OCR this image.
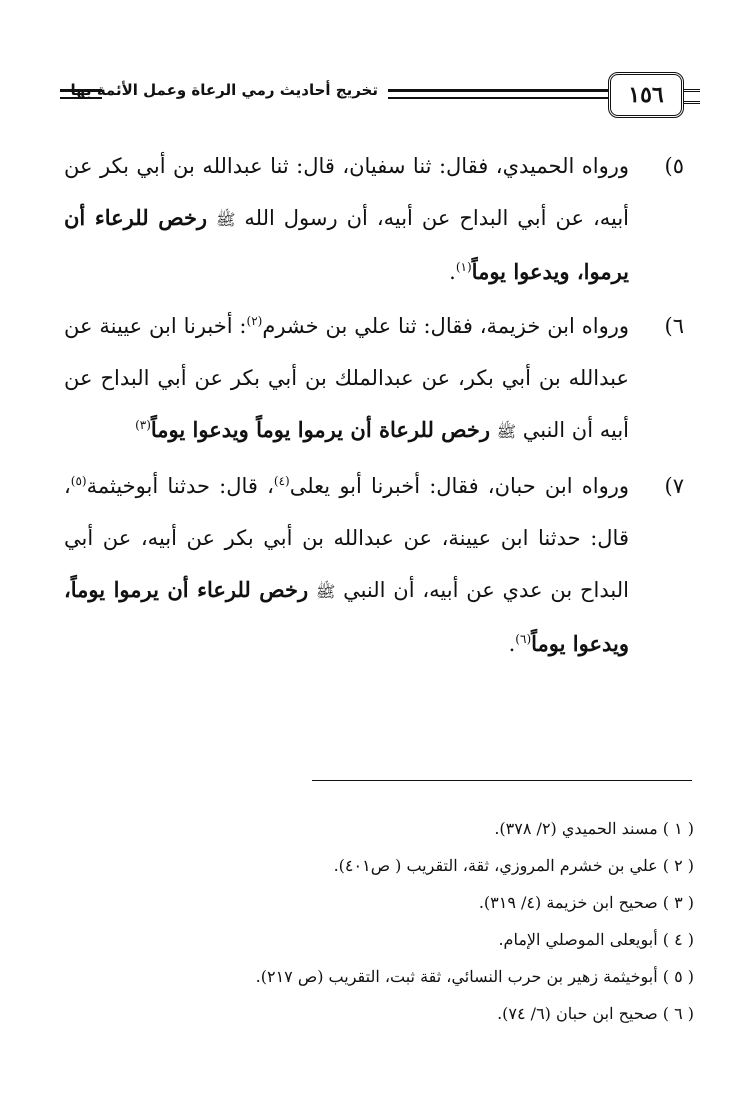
١٥٦
تخريج أحاديث رمي الرعاة وعمل الأئمة بها
٥)
ورواه الحميدي، فقال: ثنا سفيان، قال: ثنا عبدالله بن أبي بكر عن أبيه، عن أبي البداح عن أبيه، أن رسول الله ﷺ رخص للرعاء أن يرموا، ويدعوا يوماً$^{(١)}$.
٦)
ورواه ابن خزيمة، فقال: ثنا علي بن خشرم$^{(٢)}$: أخبرنا ابن عيينة عن عبدالله بن أبي بكر، عن عبدالملك بن أبي بكر عن أبي البداح عن أبيه أن النبي ﷺ رخص للرعاة أن يرموا يوماً ويدعوا يوماً$^{(٣)}$
٧)
ورواه ابن حبان، فقال: أخبرنا أبو يعلى$^{(٤)}$، قال: حدثنا أبوخيثمة$^{(٥)}$، قال: حدثنا ابن عيينة، عن عبدالله بن أبي بكر عن أبيه، عن أبي البداح بن عدي عن أبيه، أن النبي ﷺ رخص للرعاء أن يرموا يوماً، ويدعوا يوماً$^{(٦)}$.
( ١ ) مسند الحميدي (٢/ ٣٧٨).
( ٢ ) علي بن خشرم المروزي، ثقة، التقريب ( ص٤٠١).
( ٣ ) صحيح ابن خزيمة (٤/ ٣١٩).
( ٤ ) أبويعلى الموصلي الإمام.
( ٥ ) أبوخيثمة زهير بن حرب النسائي، ثقة ثبت، التقريب (ص ٢١٧).
( ٦ ) صحيح ابن حبان (٦/ ٧٤).
